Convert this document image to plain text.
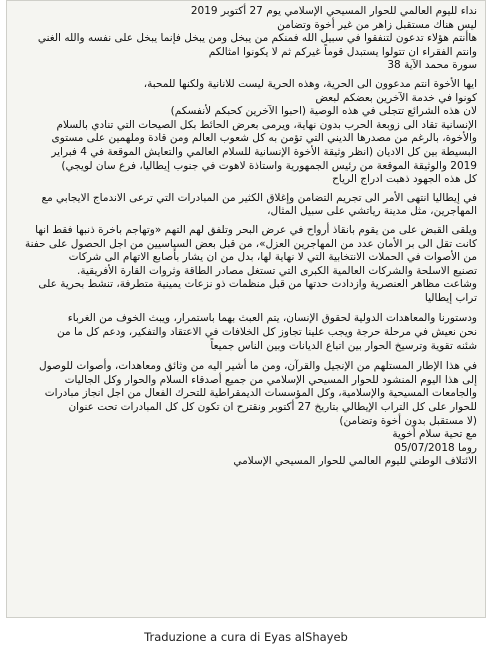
نداء لليوم العالمي للحوار المسيحي الإسلامي يوم 27 أكتوبر 2019

ليس هناك مستقبل زاهر من غير أخوة وتضامن

هاأنتم هؤلاء تدعون لتنفقوا في سبيل الله فمنكم من يبخل ومن يبخل فإنما يبخل على نفسه والله الغني

وانتم الفقراء ان تتولوا يستبدل قوماً غيركم ثم لا يكونوا امثالكم

سورة محمد الآية 38

ايها الأخوة انتم مدعوون الى الحرية، وهذه الحرية ليست للانانية ولكنها للمحبة،

كونوا في خدمة الآخرين بعضكم لبعض

لان هذه الشرائع تتجلى في هذه الوصية (احبوا الآخرين كحبكم لأنفسكم)

الإنسانية تقاد الى زوبعة الحرب بدون نهاية، ويرمى بعرض الحائط بكل الصيحات التي تنادي بالسلام

والأخوة، بالرغم من مصدرها الديني التي تؤمن به كل شعوب العالم ومن قادة وملهمين على مستوى

البسيطة بين كل الاديان (انظر وثيقة الأخوة الإنسانية للسلام العالمي والتعايش الموقعة في 4 فبراير

2019 والوثيقة الموقعة من رئيس الجمهورية واستاذة لاهوت في جنوب إيطاليا، فرع سان لويجي)

كل هذه الجهود ذهبت ادراج الرياح

في إيطاليا انتهى الأمر الى تجريم التضامن وإغلاق الكثير من المبادرات التي ترعى الاندماج الايجابي مع

المهاجرين، مثل مدينة رياتشي على سبيل المثال،

ويلقى القبض على من يقوم بانقاذ أرواح في عرض البحر وتلفق لهم التهم «وتهاجم باخرة ذنبها فقط انها

كانت تقل الى بر الأمان عدد من المهاجرين العزل»، من قبل بعض السياسيين من اجل الحصول على حفنة

من الأصوات في الحملات الانتخابية التي لا نهاية لها، بدل من ان يشار بأصابع الاتهام الى شركات

تصنيع الاسلحة والشركات العالمية الكبرى التي تستغل مصادر الطاقة وثروات القارة الأفريقية.

وشاعت مظاهر العنصرية وازدادت حدتها من قبل منظمات ذو نزعات يمينية متطرفة، تنشط بحرية على

تراب إيطاليا

ودستورنا والمعاهدات الدولية لحقوق الإنسان، يتم العبث بهما باستمرار، ويبث الخوف من الغرباء

نحن نعيش في مرحلة حرجة ويجب علينا تجاوز كل الخلافات في الاعتقاد والتفكير، ودعم كل ما من

شئنه تقوية وترسيخ الحوار بين اتباع الديانات وبين الناس جميعاً

في هذا الإطار المستلهم من الإنجيل والقرآن، ومن ما أشير اليه من وثائق ومعاهدات، وأصوات للوصول

إلى هذا اليوم المنشود للحوار المسيحي الإسلامي من جميع أصدقاء السلام والحوار وكل الجاليات

والجامعات المسيحية والإسلامية، وكل المؤسسات الديمقراطية للتحرك الفعال من اجل انجاز مبادرات

للحوار على كل التراب الإيطالي بتاريخ 27 أكتوبر ونقترح ان تكون كل كل المبادرات تحت عنوان

(لا مستقبل بدون أخوة وتضامن)

مع تحية سلام أخوية

روما 05/07/2018

الائتلاف الوطني لليوم العالمي للحوار المسيحي الإسلامي

Traduzione a cura di Eyas alShayeb
